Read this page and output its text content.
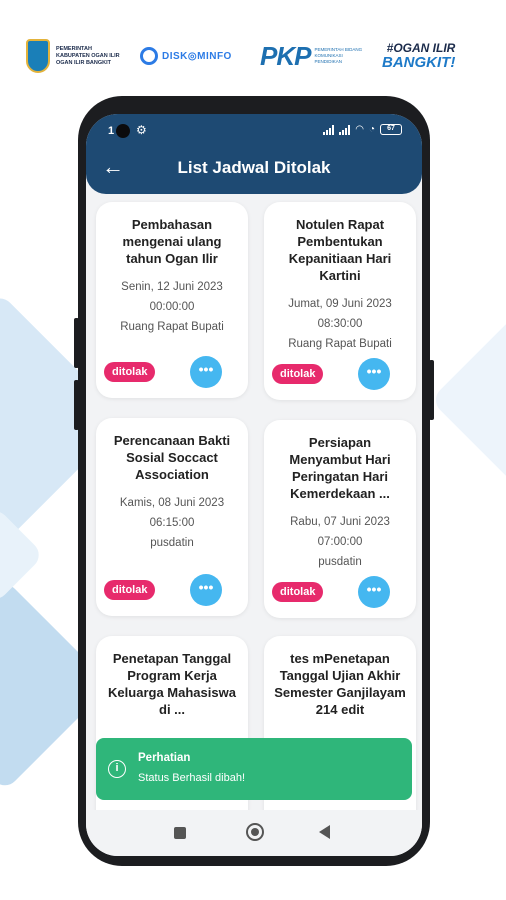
PEMERINTAH
KABUPATEN OGAN ILIR
OGAN ILIR BANGKIT
DISK◎MINFO PKP PEMERINTAH BIDANG KOMUNIKASI PENDIDIKAN
#OGAN ILIR
BANGKIT!
1 ⚙	◠ ◔	67
←	List Jadwal Ditolak
Pembahasan mengenai ulang tahun Ogan Ilir
Senin, 12 Juni 2023
00:00:00
Ruang Rapat Bupati
ditolak	•••
Notulen Rapat Pembentukan Kepanitiaan Hari Kartini
Jumat, 09 Juni 2023
08:30:00
Ruang Rapat Bupati
ditolak	•••
Perencanaan Bakti Sosial Soccact Association
Kamis, 08 Juni 2023
06:15:00
pusdatin
ditolak	•••
Persiapan Menyambut Hari Peringatan Hari Kemerdekaan ...
Rabu, 07 Juni 2023
07:00:00
pusdatin
ditolak	•••
Penetapan Tanggal Program Kerja Keluarga Mahasiswa di ...
tes mPenetapan Tanggal Ujian Akhir Semester Ganjilayam 214 edit
i
Perhatian
Status Berhasil dibah!
